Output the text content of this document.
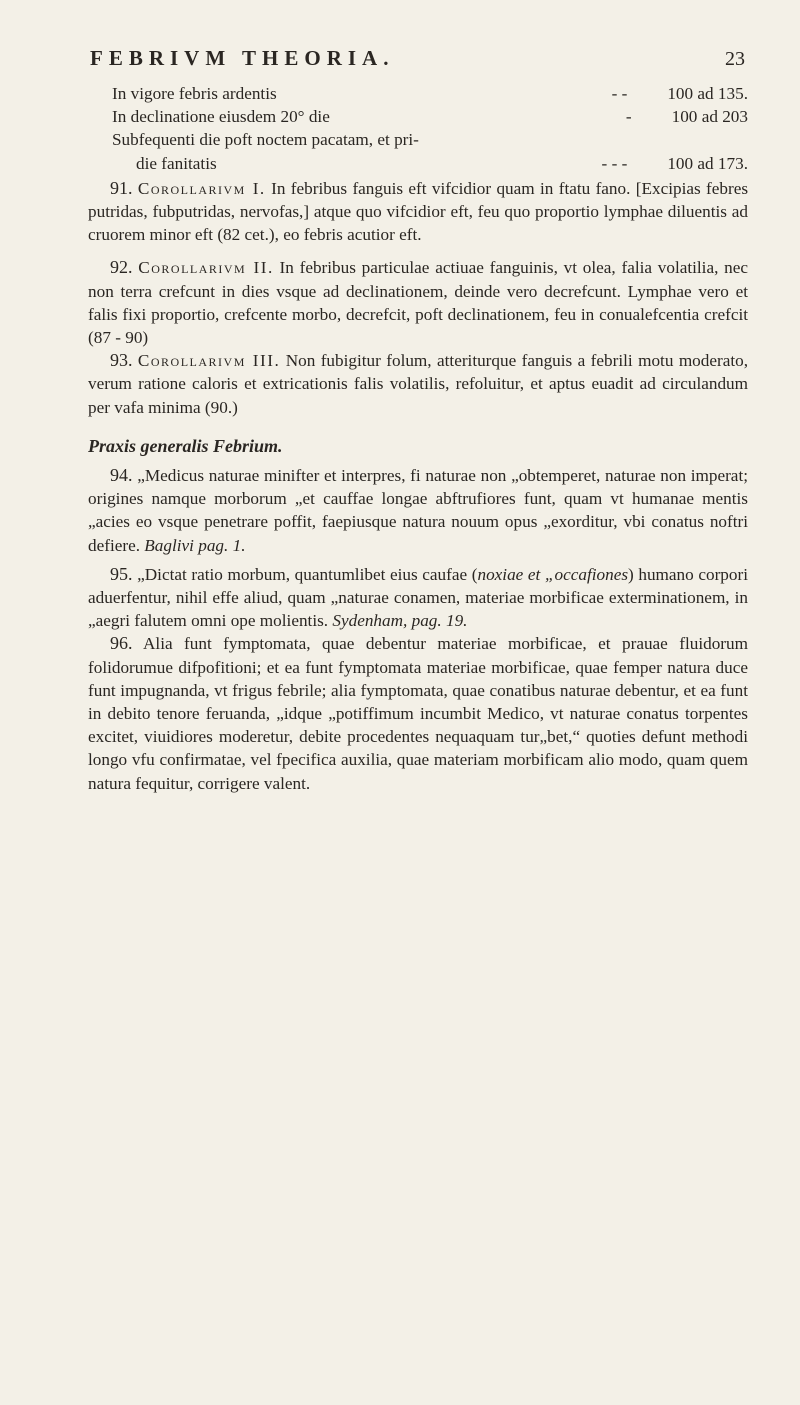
FEBRIVM THEORIA.	23
In vigore febris ardentis	- - 100 ad 135.
In declinatione eiusdem 20° die	- 100 ad 203
Subfequenti die poft noctem pacatam, et pri-
die fanitatis	- - - 100 ad 173.

91. Corollarivm I. In febribus fanguis eft vifcidior quam in ftatu fano. [Excipias febres putridas, fubputridas, nervofas,] atque quo vifcidior eft, feu quo proportio lymphae diluentis ad cruorem minor eft (82 cet.), eo febris acutior eft.

92. Corollarivm II. In febribus particulae actiuae fanguinis, vt olea, falia volatilia, nec non terra crefcunt in dies vsque ad declinationem, deinde vero decrefcunt. Lymphae vero et falis fixi proportio, crefcente morbo, decrefcit, poft declinationem, feu in conualefcentia crefcit (87 - 90)

93. Corollarivm III. Non fubigitur folum, atteriturque fanguis a febrili motu moderato, verum ratione caloris et extricationis falis volatilis, refoluitur, et aptus euadit ad circulandum per vafa minima (90.)

Praxis generalis Febrium.

94. „Medicus naturae minifter et interpres, fi naturae non „obtemperet, naturae non imperat; origines namque morborum „et cauffae longae abftrufiores funt, quam vt humanae mentis „acies eo vsque penetrare poffit, faepiusque natura nouum opus „exorditur, vbi conatus noftri defiere. Baglivi pag. 1.

95. „Dictat ratio morbum, quantumlibet eius caufae (noxiae et „occafiones) humano corpori aduerfentur, nihil effe aliud, quam „naturae conamen, materiae morbificae exterminationem, in „aegri falutem omni ope molientis. Sydenham, pag. 19.

96. Alia funt fymptomata, quae debentur materiae morbificae, et prauae fluidorum folidorumue difpofitioni; et ea funt fymptomata materiae morbificae, quae femper natura duce funt impugnanda, vt frigus febrile; alia fymptomata, quae conatibus naturae debentur, et ea funt in debito tenore feruanda, „idque „potiffimum incumbit Medico, vt naturae conatus torpentes excitet, viuidiores moderetur, debite procedentes nequaquam tur„bet,“ quoties defunt methodi longo vfu confirmatae, vel fpecifica auxilia, quae materiam morbificam alio modo, quam quem natura fequitur, corrigere valent.
